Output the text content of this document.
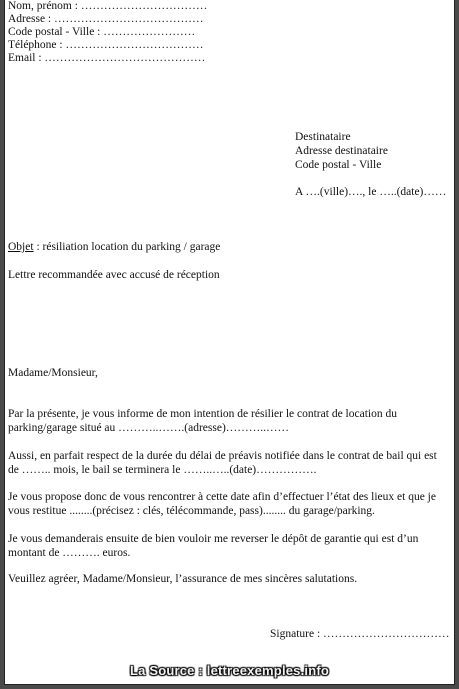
Nom, prénom : ……………………………
Adresse : …………………………………
Code postal - Ville : ……………………
Téléphone : ………………………………
Email : ……………………………………
Destinataire
Adresse destinataire
Code postal - Ville
A ….(ville)…., le …..(date)……
Objet : résiliation location du parking / garage
Lettre recommandée avec accusé de réception
Madame/Monsieur,
Par la présente, je vous informe de mon intention de résilier le contrat de location du
parking/garage situé au ………..…….(adresse)………..……
Aussi, en parfait respect de la durée du délai de préavis notifiée dans le contrat de bail qui est
de …….. mois, le bail se terminera le ……..…..(date)…………….
Je vous propose donc de vous rencontrer à cette date afin d’effectuer l’état des lieux et que je
vous restitue ........(précisez : clés, télécommande, pass)........ du garage/parking.
Je vous demanderais ensuite de bien vouloir me reverser le dépôt de garantie qui est d’un
montant de ………. euros.
Veuillez agréer, Madame/Monsieur, l’assurance de mes sincères salutations.
Signature : ……………………………
La Source : lettreexemples.info
